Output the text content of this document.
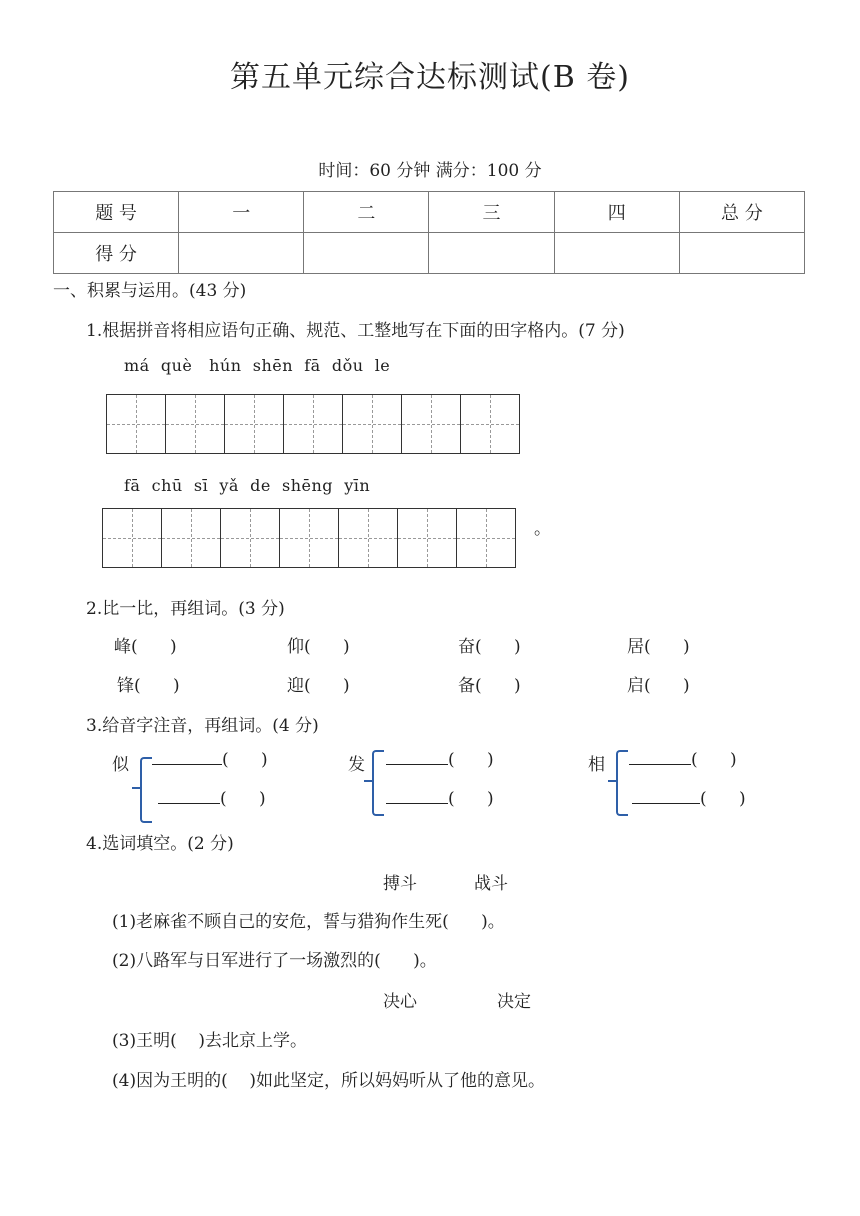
第五单元综合达标测试(B 卷)
时间：60 分钟 满分：100 分
题 号	一	二	三	四	总 分
得 分					
一、积累与运用。(43 分)
1.根据拼音将相应语句正确、规范、工整地写在下面的田字格内。(7 分)
má  què   hún  shēn  fā  dǒu  le
fā  chū  sī  yǎ  de  shēng  yīn
。
2.比一比，再组词。(3 分)
峰(      )	仰(      )	奋(      )	居(      )
锋(      )	迎(      )	备(      )	启(      )
3.给音字注音，再组词。(4 分)
似	(      )
(      )
发	(      )
(      )
相	(      )
(      )
4.选词填空。(2 分)
搏斗	战斗
(1)老麻雀不顾自己的安危，誓与猎狗作生死(      )。
(2)八路军与日军进行了一场激烈的(      )。
决心	决定
(3)王明(    )去北京上学。
(4)因为王明的(    )如此坚定，所以妈妈听从了他的意见。
